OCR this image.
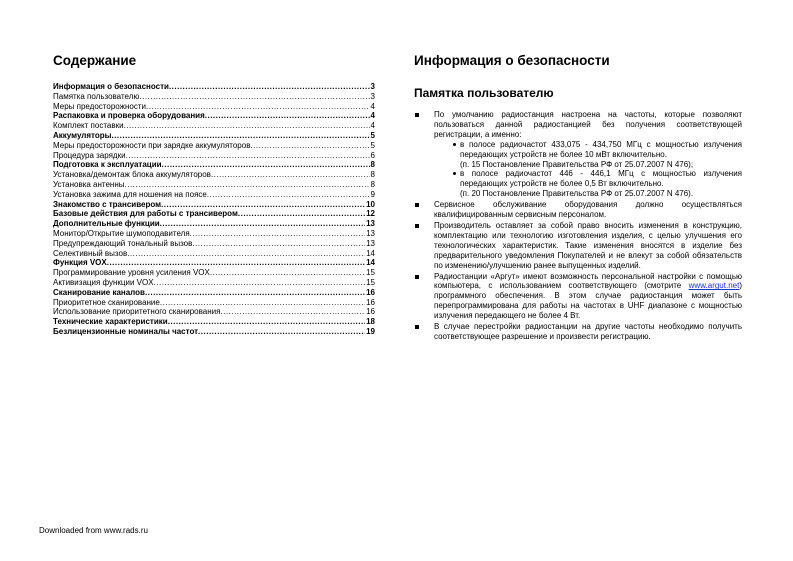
Содержание
Информация о безопасности .....	3
Памятка пользователю .....	3
Меры предосторожности .....	4
Распаковка и проверка оборудования .....	4
Комплект поставки .....	4
Аккумуляторы .....	5
Меры предосторожности при зарядке аккумуляторов .....	5
Процедура зарядки .....	6
Подготовка к эксплуатации .....	8
Установка/демонтаж блока аккумуляторов .....	8
Установка антенны .....	8
Установка зажима для ношения на поясе .....	9
Знакомство с трансивером .....	10
Базовые действия для работы с трансивером .....	12
Дополнительные функции .....	13
Монитор/Открытие шумоподавителя .....	13
Предупреждающий тональный вызов .....	13
Селективный вызов .....	14
Функция VOX .....	14
Программирование уровня усиления VOX .....	15
Активизация функции VOX .....	15
Сканирование каналов .....	16
Приоритетное сканирование .....	16
Использование приоритетного сканирования .....	16
Технические характеристики .....	18
Безлицензионные номиналы частот .....	19
Информация о безопасности
Памятка пользователю
По умолчанию радиостанция настроена на частоты, которые позволяют пользоваться данной радиостанцией без получения соответствующей регистрации, а именно:
в полосе радиочастот 433,075 - 434,750 МГц с мощностью излучения передающих устройств не более 10 мВт включительно.
(п. 15 Постановление Правительства РФ от 25.07.2007 N 476);
в полосе радиочастот 446 - 446,1 МГц с мощностью излучения передающих устройств не более 0,5 Вт включительно.
(п. 20 Постановление Правительства РФ от 25.07.2007 N 476).
Сервисное обслуживание оборудования должно осуществляться квалифицированным сервисным персоналом.
Производитель оставляет за собой право вносить изменения в конструкцию, комплектацию или технологию изготовления изделия, с целью улучшения его технологических характеристик. Такие изменения вносятся в изделие без предварительного уведомления Покупателей и не влекут за собой обязательств по изменению/улучшению ранее выпущенных изделий.
Радиостанции «Аргут» имеют возможность персональной настройки с помощью компьютера, с использованием соответствующего (смотрите www.argut.net) программного обеспечения. В этом случае радиостанция может быть перепрограммирована для работы на частотах в UHF диапазоне с мощностью излучения передающего не более 4 Вт.
В случае перестройки радиостанции на другие частоты необходимо получить соответствующее разрешение и произвести регистрацию.
Downloaded from www.rads.ru
